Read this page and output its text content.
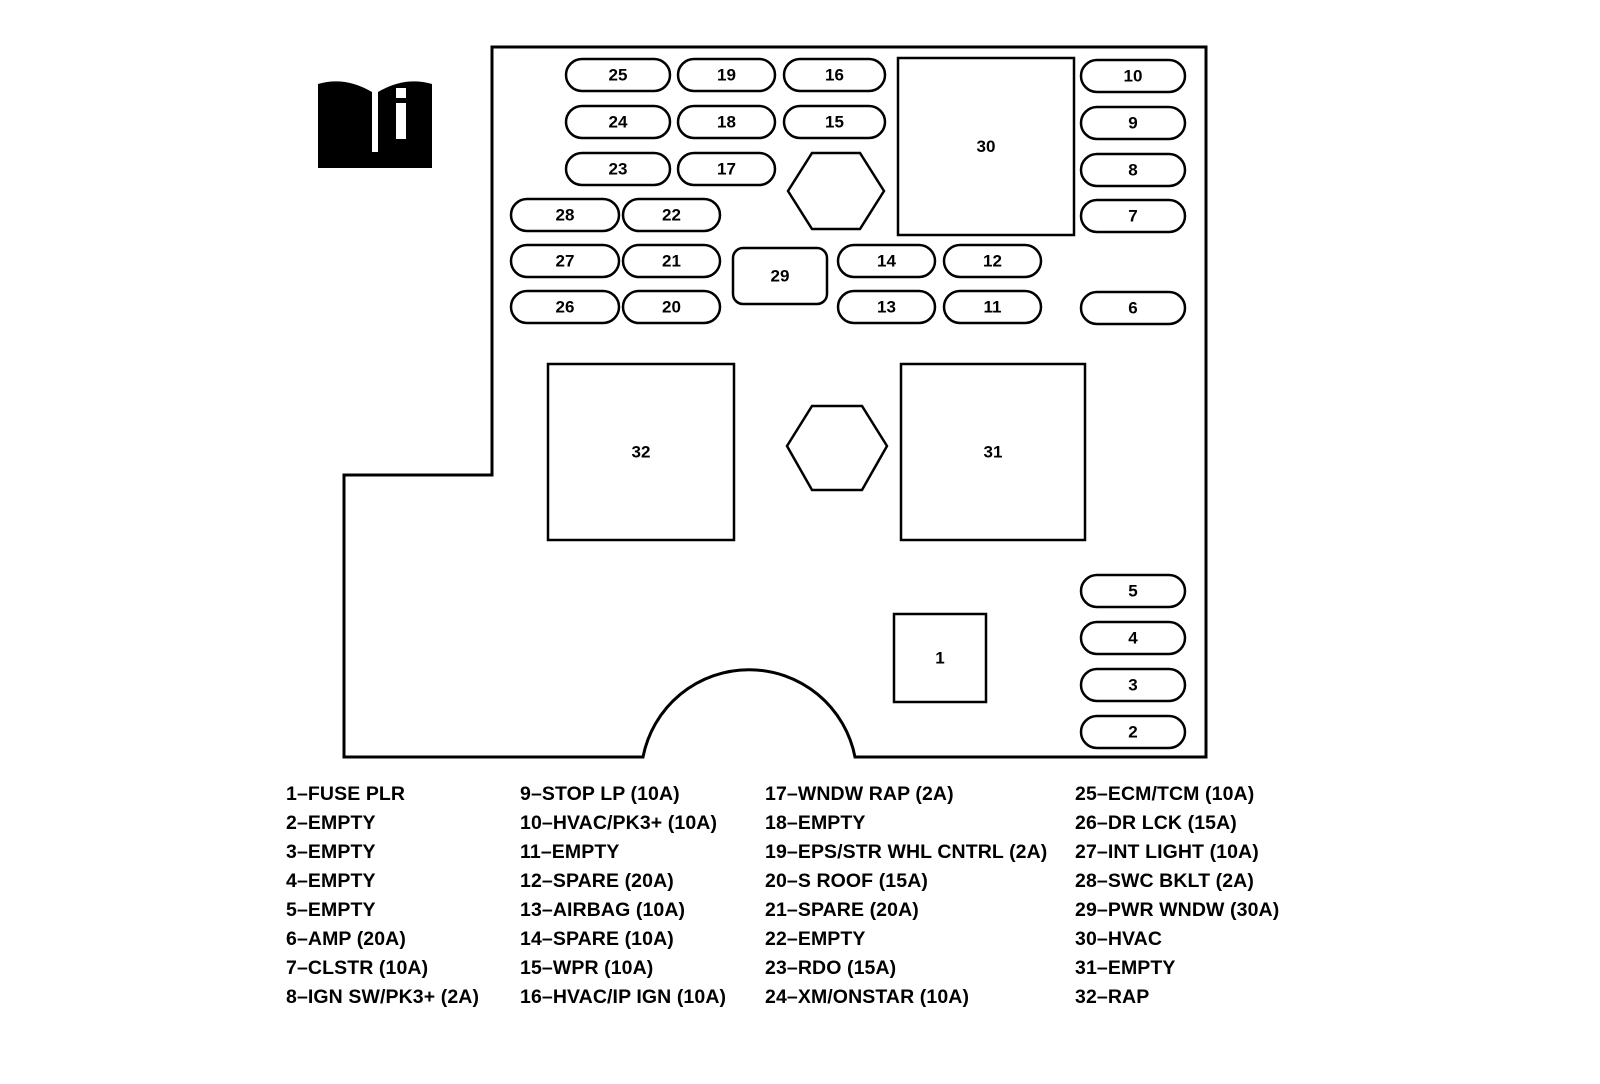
25	19	16	10
24	18	15	9
23	17	8
28	22	7
27	21	14	12
26	20	13	11	6
29
30
32	31
1
5
4
3
2
1–FUSE PLR
2–EMPTY
3–EMPTY
4–EMPTY
5–EMPTY
6–AMP (20A)
7–CLSTR (10A)
8–IGN SW/PK3+ (2A)
9–STOP LP (10A)
10–HVAC/PK3+ (10A)
11–EMPTY
12–SPARE (20A)
13–AIRBAG (10A)
14–SPARE (10A)
15–WPR (10A)
16–HVAC/IP IGN (10A)
17–WNDW RAP (2A)
18–EMPTY
19–EPS/STR WHL CNTRL (2A)
20–S ROOF (15A)
21–SPARE (20A)
22–EMPTY
23–RDO (15A)
24–XM/ONSTAR (10A)
25–ECM/TCM (10A)
26–DR LCK (15A)
27–INT LIGHT (10A)
28–SWC BKLT (2A)
29–PWR WNDW (30A)
30–HVAC
31–EMPTY
32–RAP
